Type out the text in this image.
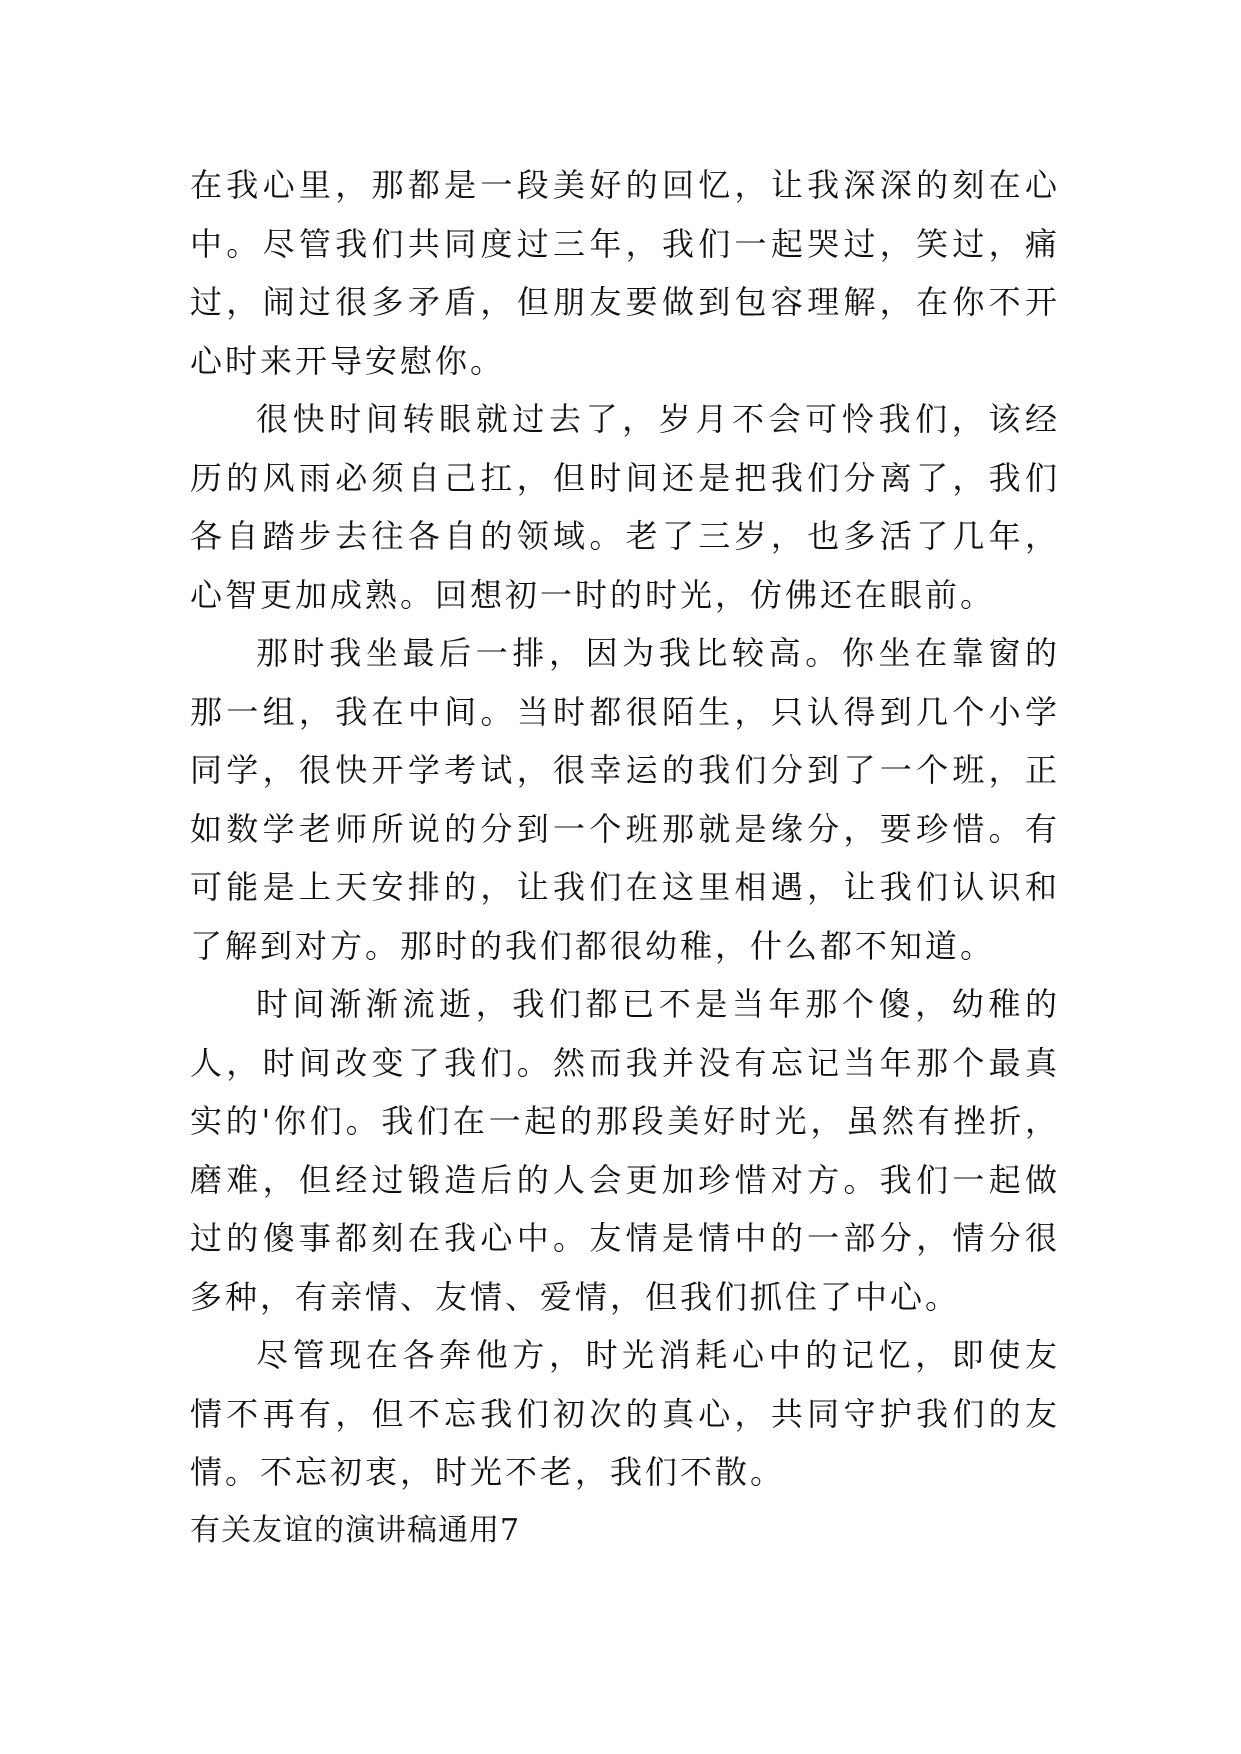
在我心里，那都是一段美好的回忆，让我深深的刻在心中。尽管我们共同度过三年，我们一起哭过，笑过，痛过，闹过很多矛盾，但朋友要做到包容理解，在你不开心时来开导安慰你。

很快时间转眼就过去了，岁月不会可怜我们，该经历的风雨必须自己扛，但时间还是把我们分离了，我们各自踏步去往各自的领域。老了三岁，也多活了几年，心智更加成熟。回想初一时的时光，仿佛还在眼前。

那时我坐最后一排，因为我比较高。你坐在靠窗的那一组，我在中间。当时都很陌生，只认得到几个小学同学，很快开学考试，很幸运的我们分到了一个班，正如数学老师所说的分到一个班那就是缘分，要珍惜。有可能是上天安排的，让我们在这里相遇，让我们认识和了解到对方。那时的我们都很幼稚，什么都不知道。

时间渐渐流逝，我们都已不是当年那个傻，幼稚的人，时间改变了我们。然而我并没有忘记当年那个最真实的'你们。我们在一起的那段美好时光，虽然有挫折，磨难，但经过锻造后的人会更加珍惜对方。我们一起做过的傻事都刻在我心中。友情是情中的一部分，情分很多种，有亲情、友情、爱情，但我们抓住了中心。

尽管现在各奔他方，时光消耗心中的记忆，即使友情不再有，但不忘我们初次的真心，共同守护我们的友情。不忘初衷，时光不老，我们不散。

有关友谊的演讲稿通用7
